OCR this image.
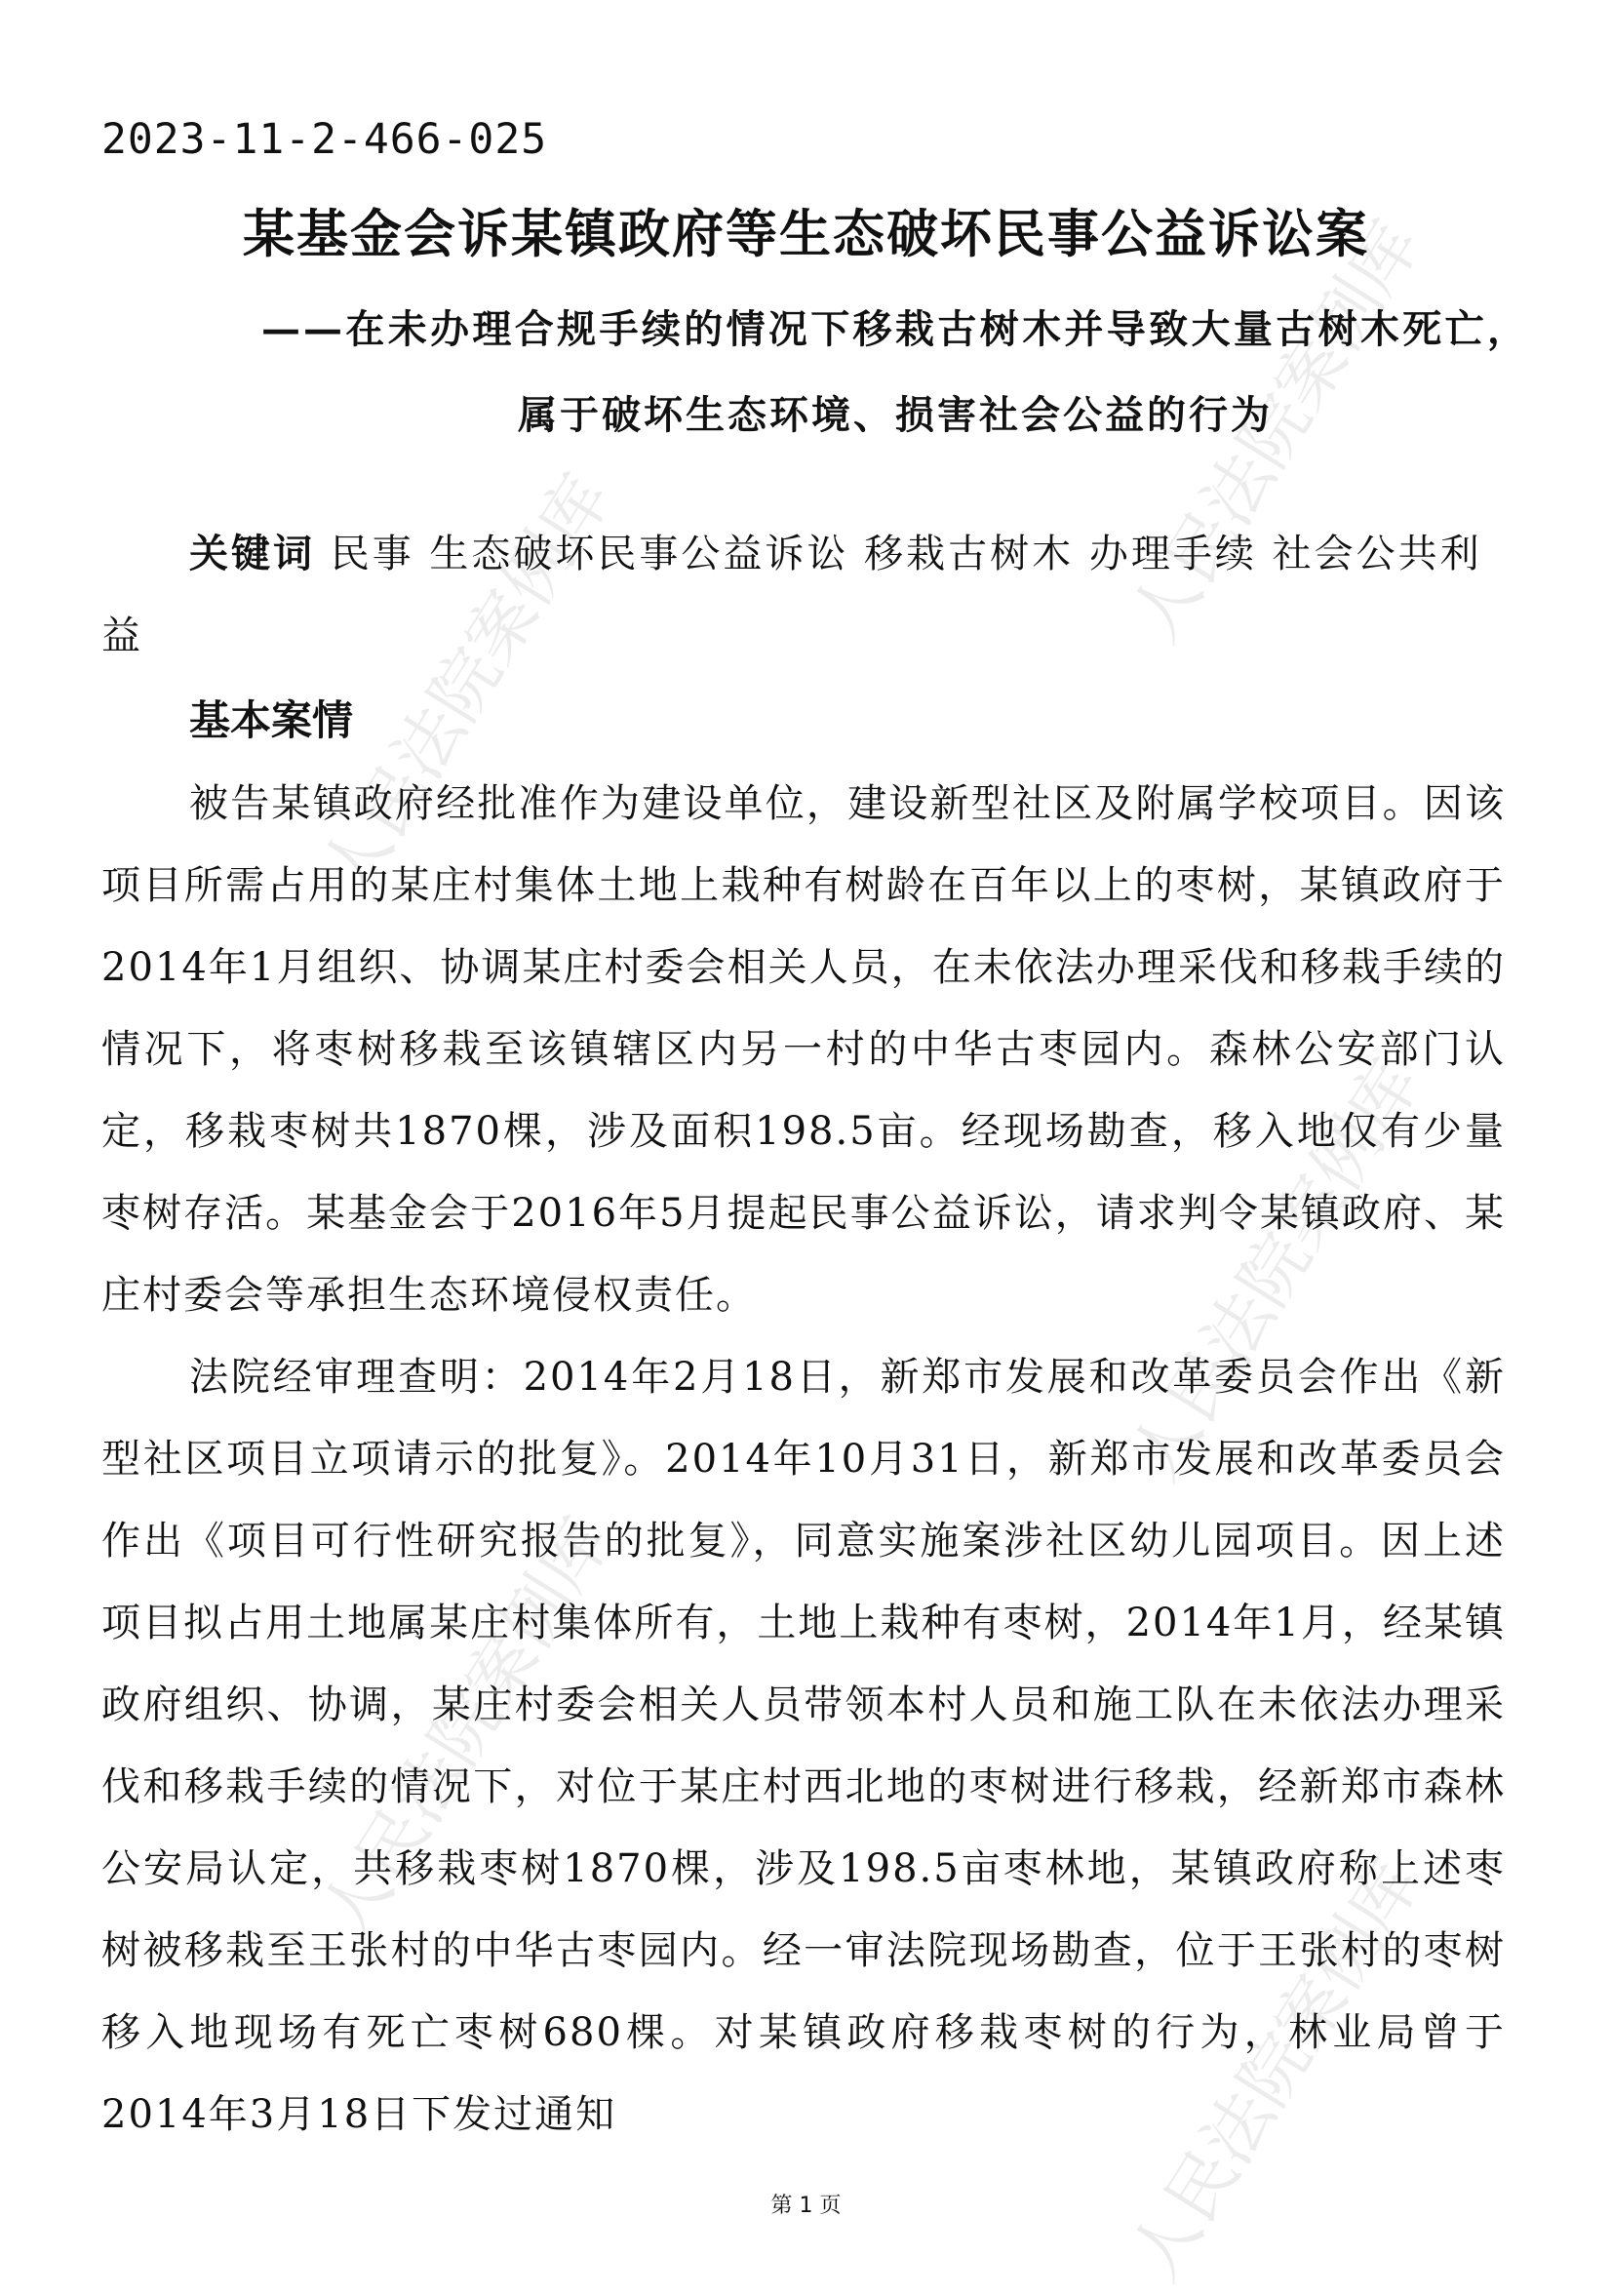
人民法院案例库
人民法院案例库
人民法院案例库
人民法院案例库
人民法院案例库
2023-11-2-466-025
某基金会诉某镇政府等生态破坏民事公益诉讼案
——在未办理合规手续的情况下移栽古树木并导致大量古树木死亡，属于破坏生态环境、损害社会公益的行为
关键词 民事 生态破坏民事公益诉讼 移栽古树木 办理手续 社会公共利益
基本案情
被告某镇政府经批准作为建设单位，建设新型社区及附属学校项目。因该项目所需占用的某庄村集体土地上栽种有树龄在百年以上的枣树，某镇政府于2014年1月组织、协调某庄村委会相关人员，在未依法办理采伐和移栽手续的情况下，将枣树移栽至该镇辖区内另一村的中华古枣园内。森林公安部门认定，移栽枣树共1870棵，涉及面积198.5亩。经现场勘查，移入地仅有少量枣树存活。某基金会于2016年5月提起民事公益诉讼，请求判令某镇政府、某庄村委会等承担生态环境侵权责任。
法院经审理查明：2014年2月18日，新郑市发展和改革委员会作出《新型社区项目立项请示的批复》。2014年10月31日，新郑市发展和改革委员会作出《项目可行性研究报告的批复》，同意实施案涉社区幼儿园项目。因上述项目拟占用土地属某庄村集体所有，土地上栽种有枣树，2014年1月，经某镇政府组织、协调，某庄村委会相关人员带领本村人员和施工队在未依法办理采伐和移栽手续的情况下，对位于某庄村西北地的枣树进行移栽，经新郑市森林公安局认定，共移栽枣树1870棵，涉及198.5亩枣林地，某镇政府称上述枣树被移栽至王张村的中华古枣园内。经一审法院现场勘查，位于王张村的枣树移入地现场有死亡枣树680棵。对某镇政府移栽枣树的行为，林业局曾于2014年3月18日下发过通知
第 1 页
